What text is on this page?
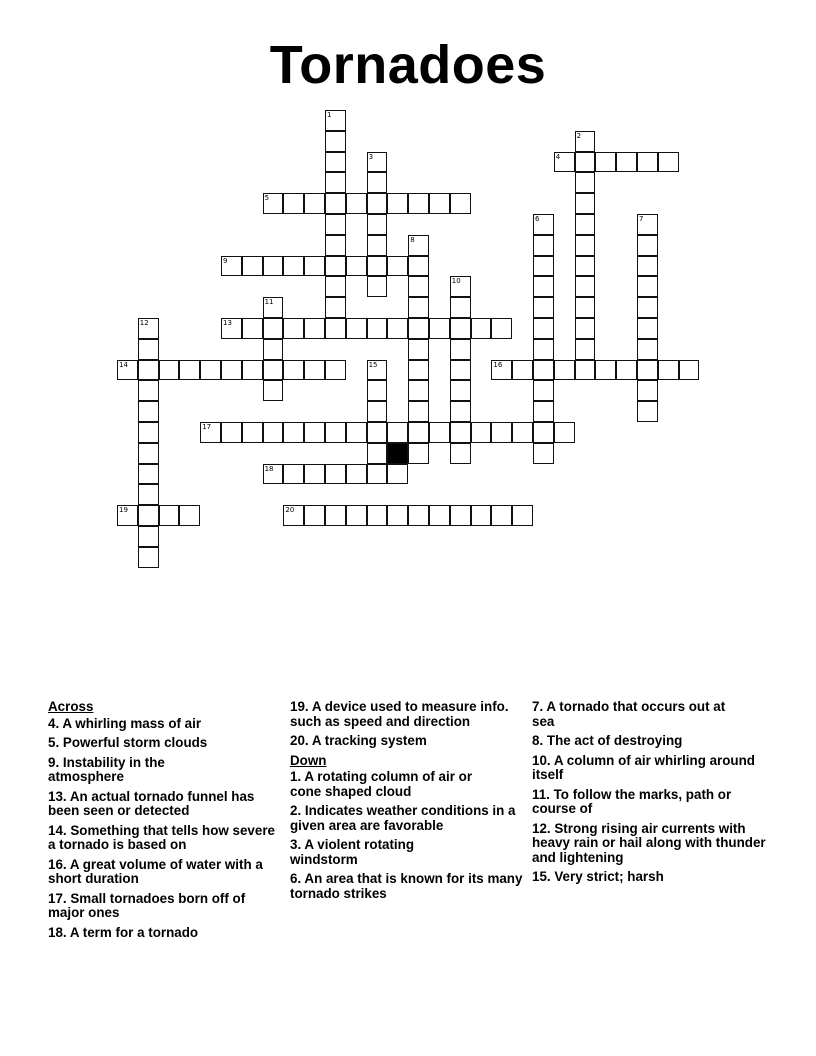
Tornadoes
1
2
3	4
5
6	7
8
9
10
11
12	13
14	15	16
17
18
19	20
Across
4. A whirling mass of air
5. Powerful storm clouds
9. Instability in the atmosphere
13. An actual tornado funnel has been seen or detected
14. Something that tells how severe a tornado is based on
16. A great volume of water with a short duration
17. Small tornadoes born off of major ones
18. A term for a tornado
19. A device used to measure info. such as speed and direction
20. A tracking system
Down
1. A rotating column of air or cone shaped cloud
2. Indicates weather conditions in a given area are favorable
3. A violent rotating windstorm
6. An area that is known for its many tornado strikes
7. A tornado that occurs out at sea
8. The act of destroying
10. A column of air whirling around itself
11. To follow the marks, path or course of
12. Strong rising air currents with heavy rain or hail along with thunder and lightening
15. Very strict; harsh
